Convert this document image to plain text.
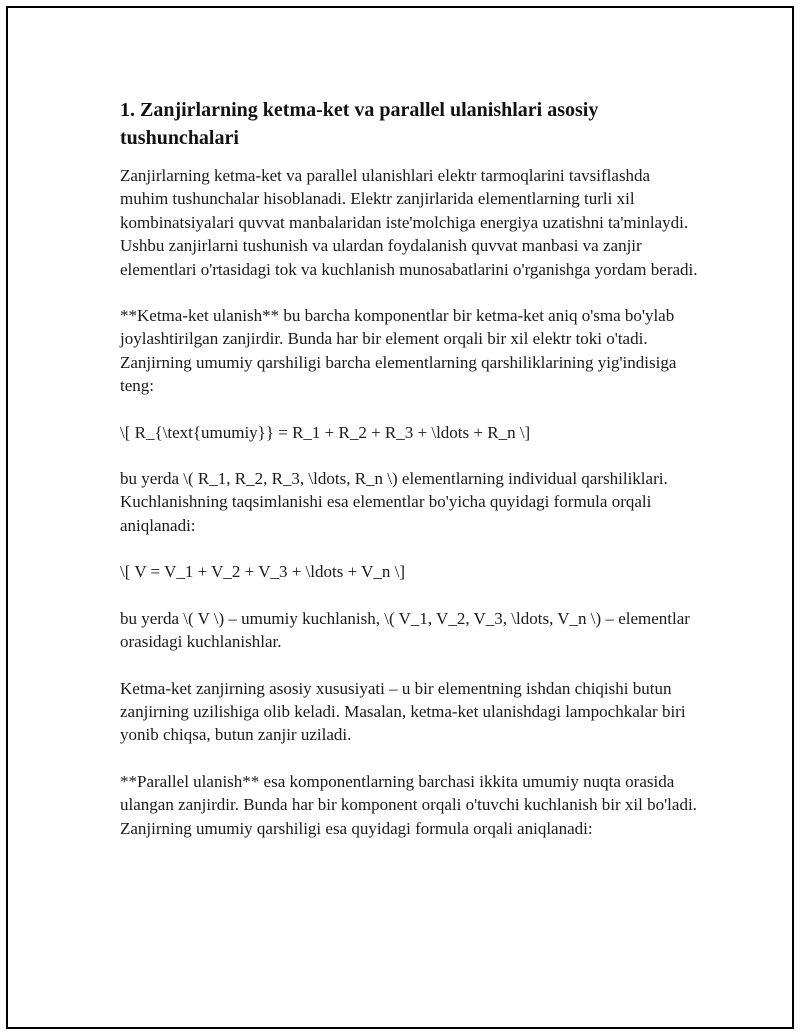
1. Zanjirlarning ketma-ket va parallel ulanishlari asosiy tushunchalari

Zanjirlarning ketma-ket va parallel ulanishlari elektr tarmoqlarini tavsiflashda muhim tushunchalar hisoblanadi. Elektr zanjirlarida elementlarning turli xil kombinatsiyalari quvvat manbalaridan iste'molchiga energiya uzatishni ta'minlaydi. Ushbu zanjirlarni tushunish va ulardan foydalanish quvvat manbasi va zanjir elementlari o'rtasidagi tok va kuchlanish munosabatlarini o'rganishga yordam beradi.

**Ketma-ket ulanish** bu barcha komponentlar bir ketma-ket aniq o'sma bo'ylab joylashtirilgan zanjirdir. Bunda har bir element orqali bir xil elektr toki o'tadi. Zanjirning umumiy qarshiligi barcha elementlarning qarshiliklarining yig'indisiga teng:

\[ R_{\text{umumiy}} = R_1 + R_2 + R_3 + \ldots + R_n \]

bu yerda \( R_1, R_2, R_3, \ldots, R_n \) elementlarning individual qarshiliklari. Kuchlanishning taqsimlanishi esa elementlar bo'yicha quyidagi formula orqali aniqlanadi:

\[ V = V_1 + V_2 + V_3 + \ldots + V_n \]

bu yerda \( V \) – umumiy kuchlanish, \( V_1, V_2, V_3, \ldots, V_n \) – elementlar orasidagi kuchlanishlar.

Ketma-ket zanjirning asosiy xususiyati – u bir elementning ishdan chiqishi butun zanjirning uzilishiga olib keladi. Masalan, ketma-ket ulanishdagi lampochkalar biri yonib chiqsa, butun zanjir uziladi.

**Parallel ulanish** esa komponentlarning barchasi ikkita umumiy nuqta orasida ulangan zanjirdir. Bunda har bir komponent orqali o'tuvchi kuchlanish bir xil bo'ladi. Zanjirning umumiy qarshiligi esa quyidagi formula orqali aniqlanadi:
